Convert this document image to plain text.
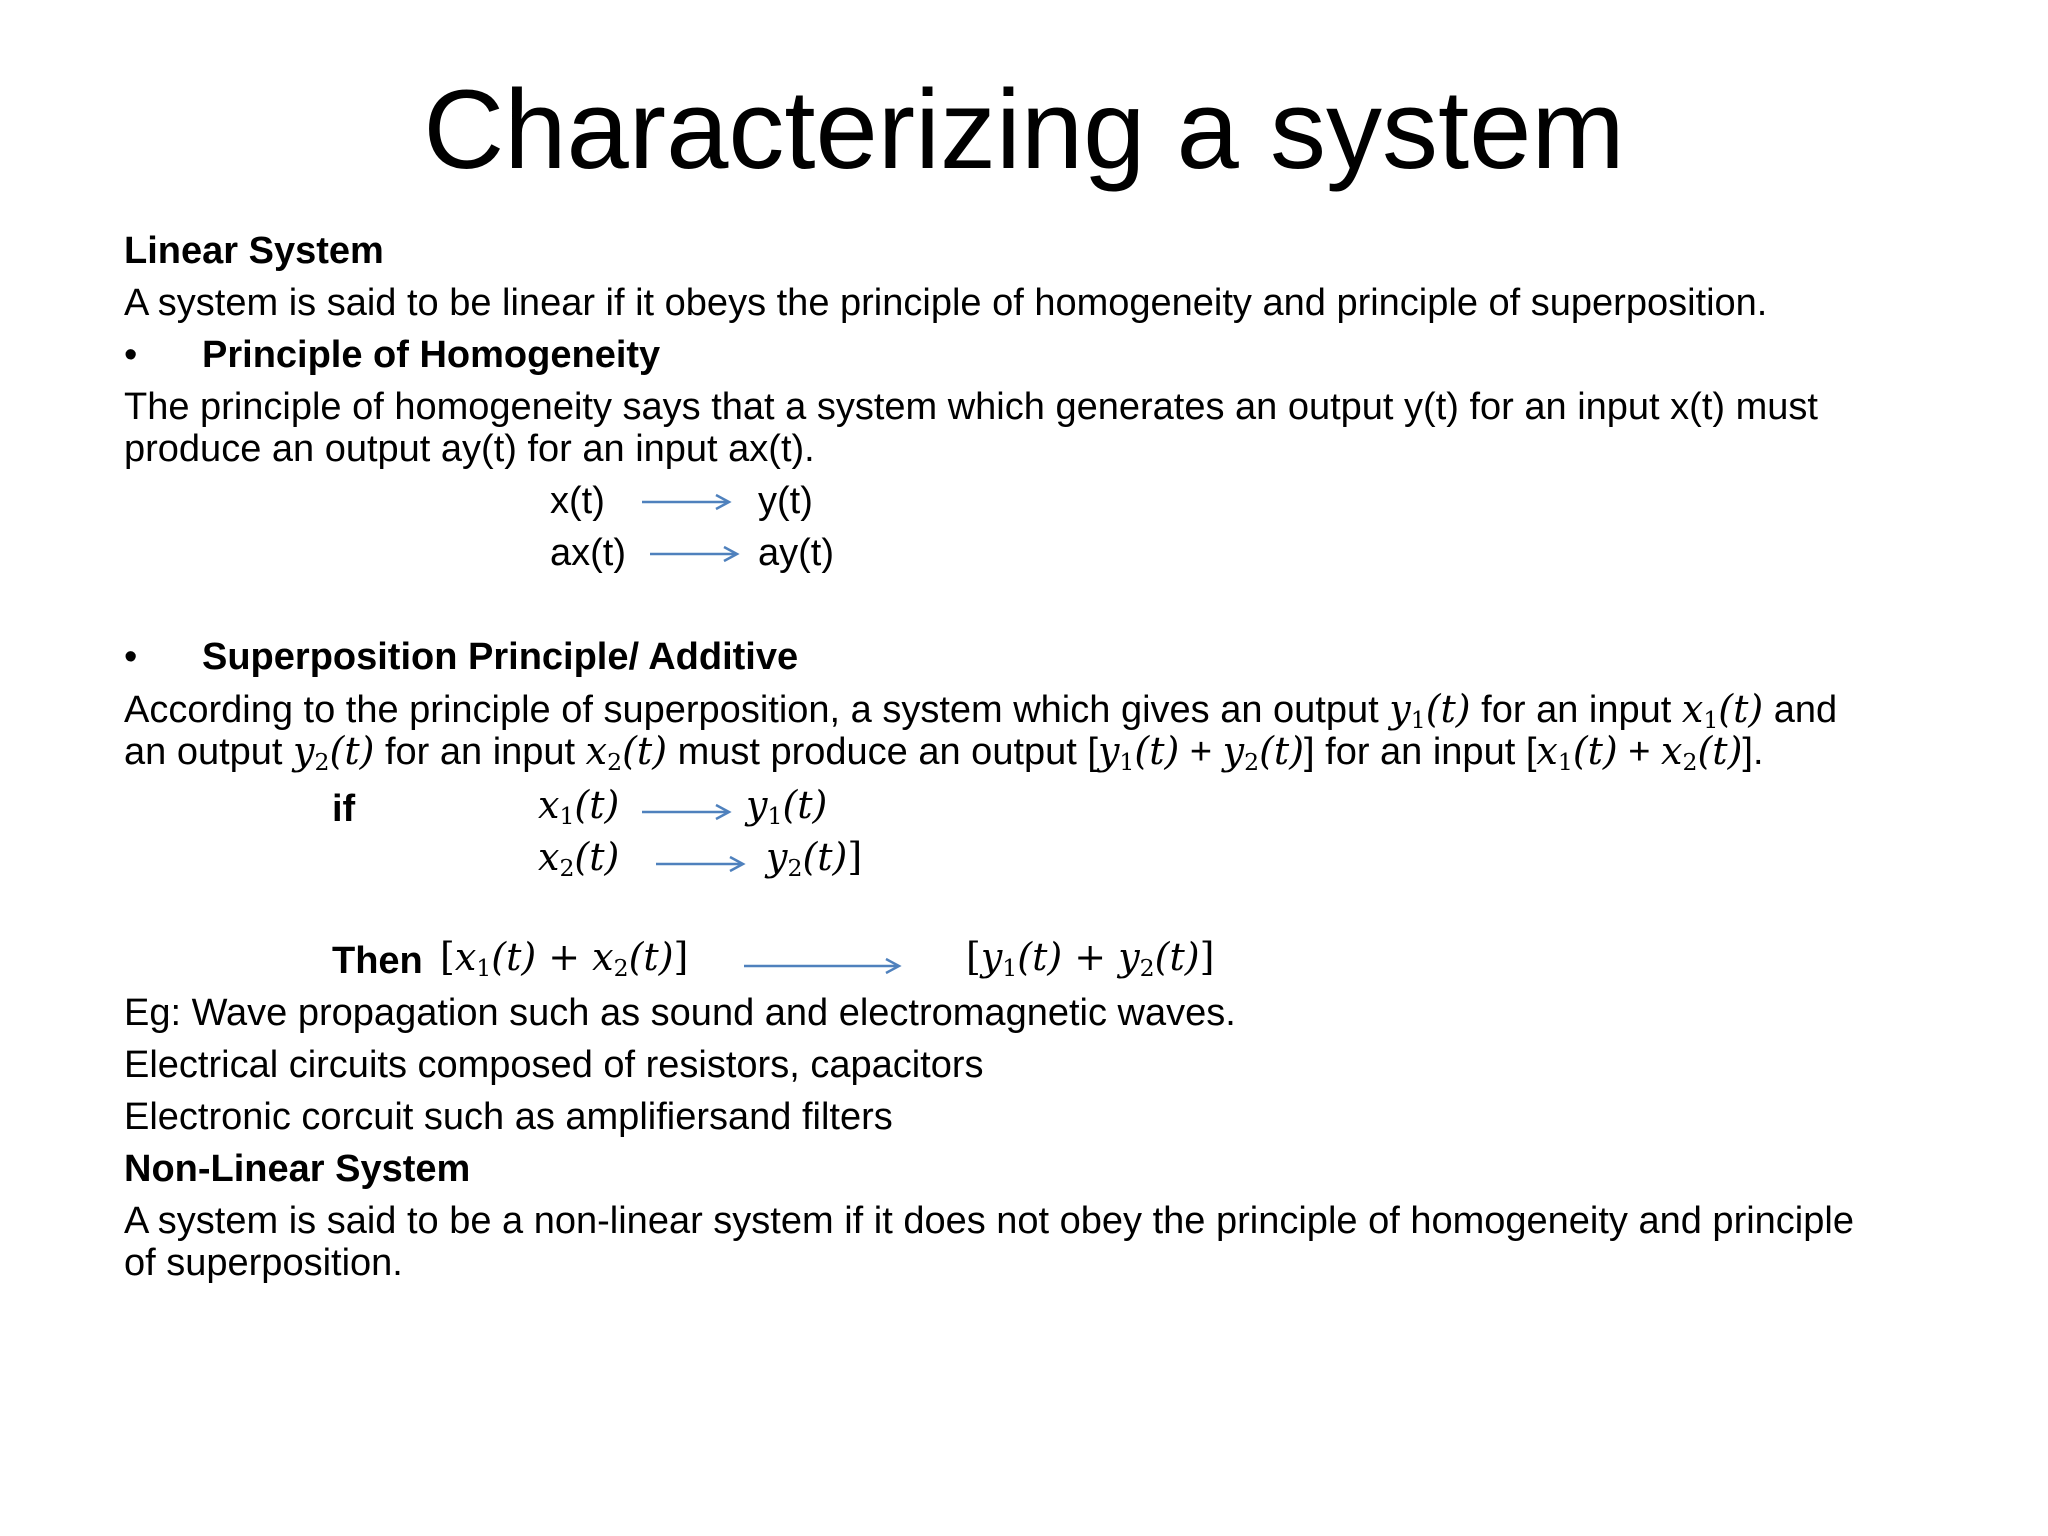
Characterizing a system
Linear System
A system is said to be linear if it obeys the principle of homogeneity and principle of superposition.
• Principle of Homogeneity
The principle of homogeneity says that a system which generates an output y(t) for an input x(t) must
produce an output ay(t) for an input ax(t).
x(t)	y(t)
ax(t)	ay(t)
• Superposition Principle/ Additive
According to the principle of superposition, a system which gives an output $y_1(t)$ for an input $x_1(t)$ and
an output $y_2(t)$ for an input $x_2(t)$ must produce an output $[y_1(t) + y_2(t)]$ for an input $[x_1(t) + x_2(t)]$.
if	$x_1(t)$	$y_1(t)$
$x_2(t)$	$y_2(t)$]
Then $[x_1(t) + x_2(t)]$	$[y_1(t) + y_2(t)]$
Eg: Wave propagation such as sound and electromagnetic waves.
Electrical circuits composed of resistors, capacitors
Electronic corcuit such as amplifiersand filters
Non-Linear System
A system is said to be a non-linear system if it does not obey the principle of homogeneity and principle
of superposition.
